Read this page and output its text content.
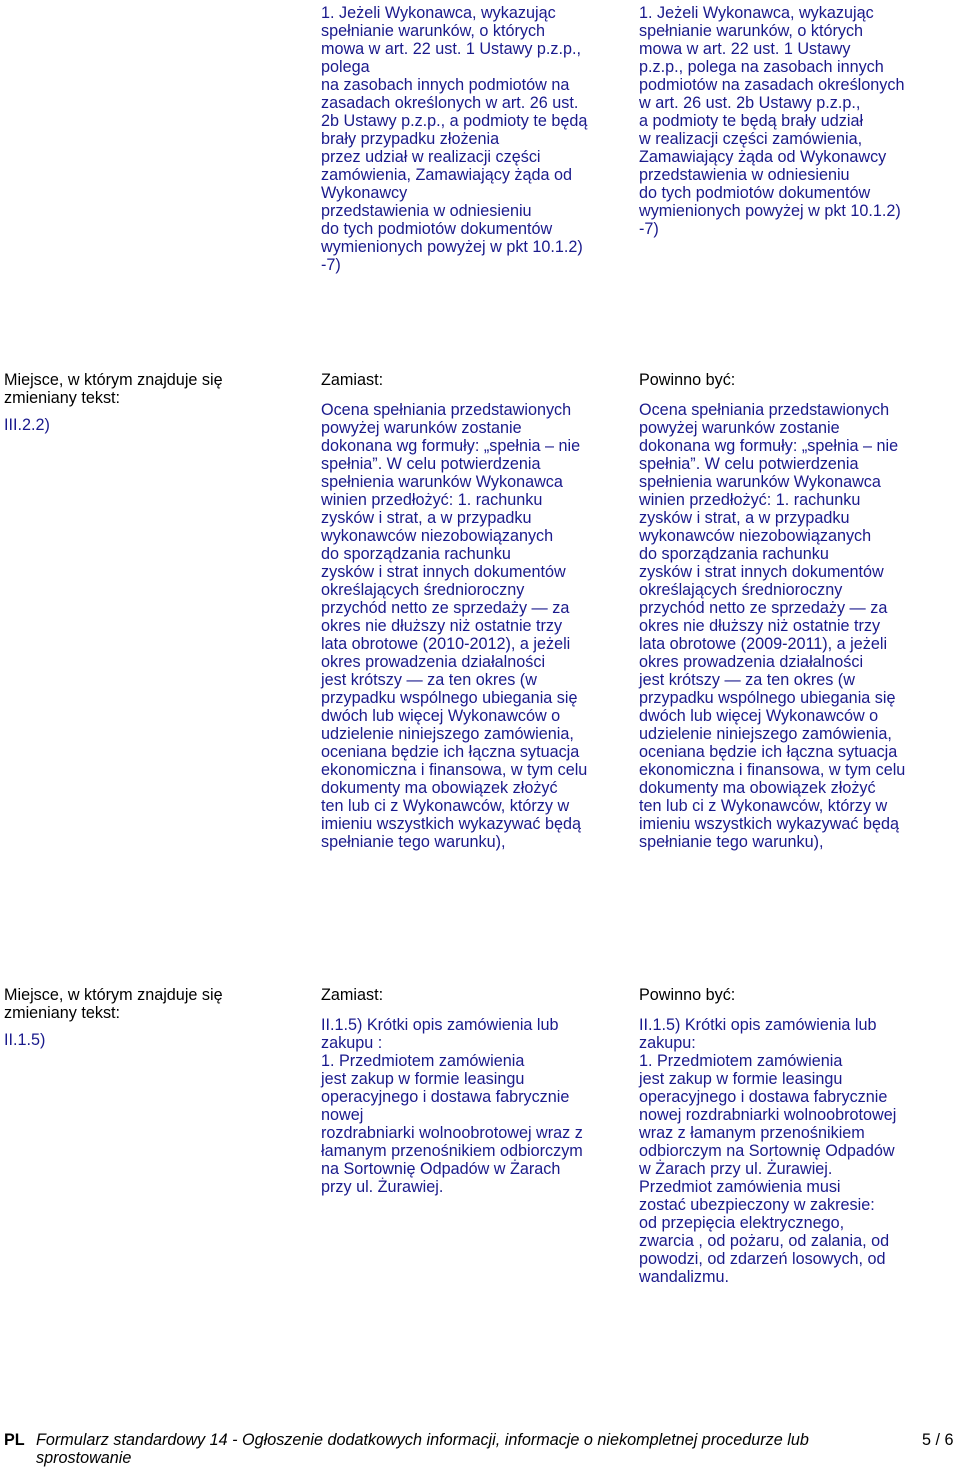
1. Jeżeli Wykonawca, wykazując
spełnianie warunków, o których
mowa w art. 22 ust. 1 Ustawy p.z.p.,
polega
na zasobach innych podmiotów na
zasadach określonych w art. 26 ust.
2b Ustawy p.z.p., a podmioty te będą
brały przypadku złożenia
przez udział w realizacji części
zamówienia, Zamawiający żąda od
Wykonawcy
przedstawienia w odniesieniu
do tych podmiotów dokumentów
wymienionych powyżej w pkt 10.1.2)
-7)

1. Jeżeli Wykonawca, wykazując
spełnianie warunków, o których
mowa w art. 22 ust. 1 Ustawy
p.z.p., polega na zasobach innych
podmiotów na zasadach określonych
w art. 26 ust. 2b Ustawy p.z.p.,
a podmioty te będą brały udział
w realizacji części zamówienia,
Zamawiający żąda od Wykonawcy
przedstawienia w odniesieniu
do tych podmiotów dokumentów
wymienionych powyżej w pkt 10.1.2)
-7)

Miejsce, w którym znajduje się
zmieniany tekst:

III.2.2)

Zamiast:	Powinno być:

Ocena spełniania przedstawionych
powyżej warunków zostanie
dokonana wg formuły: „spełnia – nie
spełnia”. W celu potwierdzenia
spełnienia warunków Wykonawca
winien przedłożyć: 1. rachunku
zysków i strat, a w przypadku
wykonawców niezobowiązanych
do sporządzania rachunku
zysków i strat innych dokumentów
określających średnioroczny
przychód netto ze sprzedaży — za
okres nie dłuższy niż ostatnie trzy
lata obrotowe (2010-2012), a jeżeli
okres prowadzenia działalności
jest krótszy — za ten okres (w
przypadku wspólnego ubiegania się
dwóch lub więcej Wykonawców o
udzielenie niniejszego zamówienia,
oceniana będzie ich łączna sytuacja
ekonomiczna i finansowa, w tym celu
dokumenty ma obowiązek złożyć
ten lub ci z Wykonawców, którzy w
imieniu wszystkich wykazywać będą
spełnianie tego warunku),

Ocena spełniania przedstawionych
powyżej warunków zostanie
dokonana wg formuły: „spełnia – nie
spełnia”. W celu potwierdzenia
spełnienia warunków Wykonawca
winien przedłożyć: 1. rachunku
zysków i strat, a w przypadku
wykonawców niezobowiązanych
do sporządzania rachunku
zysków i strat innych dokumentów
określających średnioroczny
przychód netto ze sprzedaży — za
okres nie dłuższy niż ostatnie trzy
lata obrotowe (2009-2011), a jeżeli
okres prowadzenia działalności
jest krótszy — za ten okres (w
przypadku wspólnego ubiegania się
dwóch lub więcej Wykonawców o
udzielenie niniejszego zamówienia,
oceniana będzie ich łączna sytuacja
ekonomiczna i finansowa, w tym celu
dokumenty ma obowiązek złożyć
ten lub ci z Wykonawców, którzy w
imieniu wszystkich wykazywać będą
spełnianie tego warunku),

Miejsce, w którym znajduje się
zmieniany tekst:

II.1.5)

Zamiast:	Powinno być:

II.1.5) Krótki opis zamówienia lub
zakupu :
1. Przedmiotem zamówienia
jest zakup w formie leasingu
operacyjnego i dostawa fabrycznie
nowej
rozdrabniarki wolnoobrotowej wraz z
łamanym przenośnikiem odbiorczym
na Sortownię Odpadów w Żarach
przy ul. Żurawiej.

II.1.5) Krótki opis zamówienia lub
zakupu:
1. Przedmiotem zamówienia
jest zakup w formie leasingu
operacyjnego i dostawa fabrycznie
nowej rozdrabniarki wolnoobrotowej
wraz z łamanym przenośnikiem
odbiorczym na Sortownię Odpadów
w Żarach przy ul. Żurawiej.
Przedmiot zamówienia musi
zostać ubezpieczony w zakresie:
od przepięcia elektrycznego,
zwarcia , od pożaru, od zalania, od
powodzi, od zdarzeń losowych, od
wandalizmu.

PL Formularz standardowy 14 - Ogłoszenie dodatkowych informacji, informacje o niekompletnej procedurze lub
sprostowanie
5 / 6
